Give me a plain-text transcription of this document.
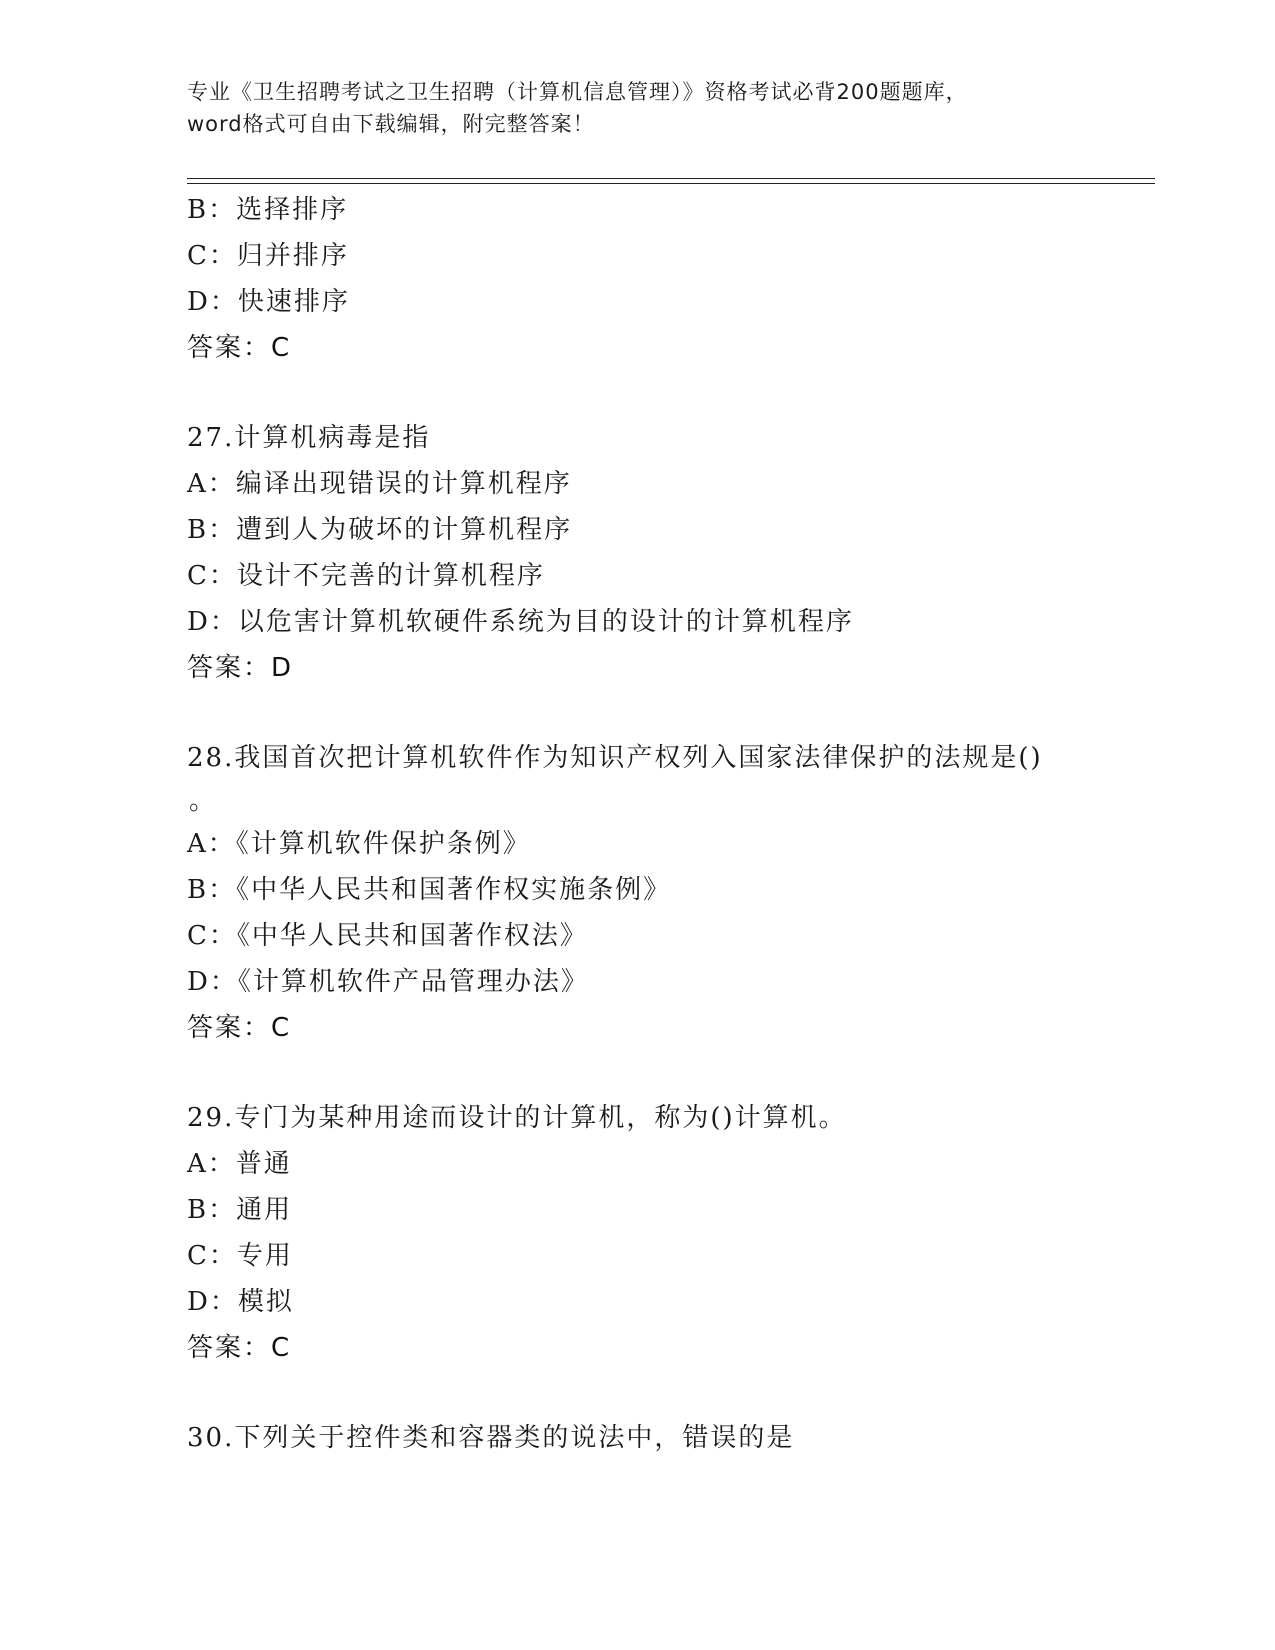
专业《卫生招聘考试之卫生招聘（计算机信息管理）》资格考试必背200题题库，
word格式可自由下载编辑，附完整答案！
B：选择排序
C：归并排序
D：快速排序
答案：C
27.计算机病毒是指
A：编译出现错误的计算机程序
B：遭到人为破坏的计算机程序
C：设计不完善的计算机程序
D：以危害计算机软硬件系统为目的设计的计算机程序
答案：D
28.我国首次把计算机软件作为知识产权列入国家法律保护的法规是()
。
A：《计算机软件保护条例》
B：《中华人民共和国著作权实施条例》
C：《中华人民共和国著作权法》
D：《计算机软件产品管理办法》
答案：C
29.专门为某种用途而设计的计算机，称为()计算机。
A：普通
B：通用
C：专用
D：模拟
答案：C
30.下列关于控件类和容器类的说法中，错误的是
